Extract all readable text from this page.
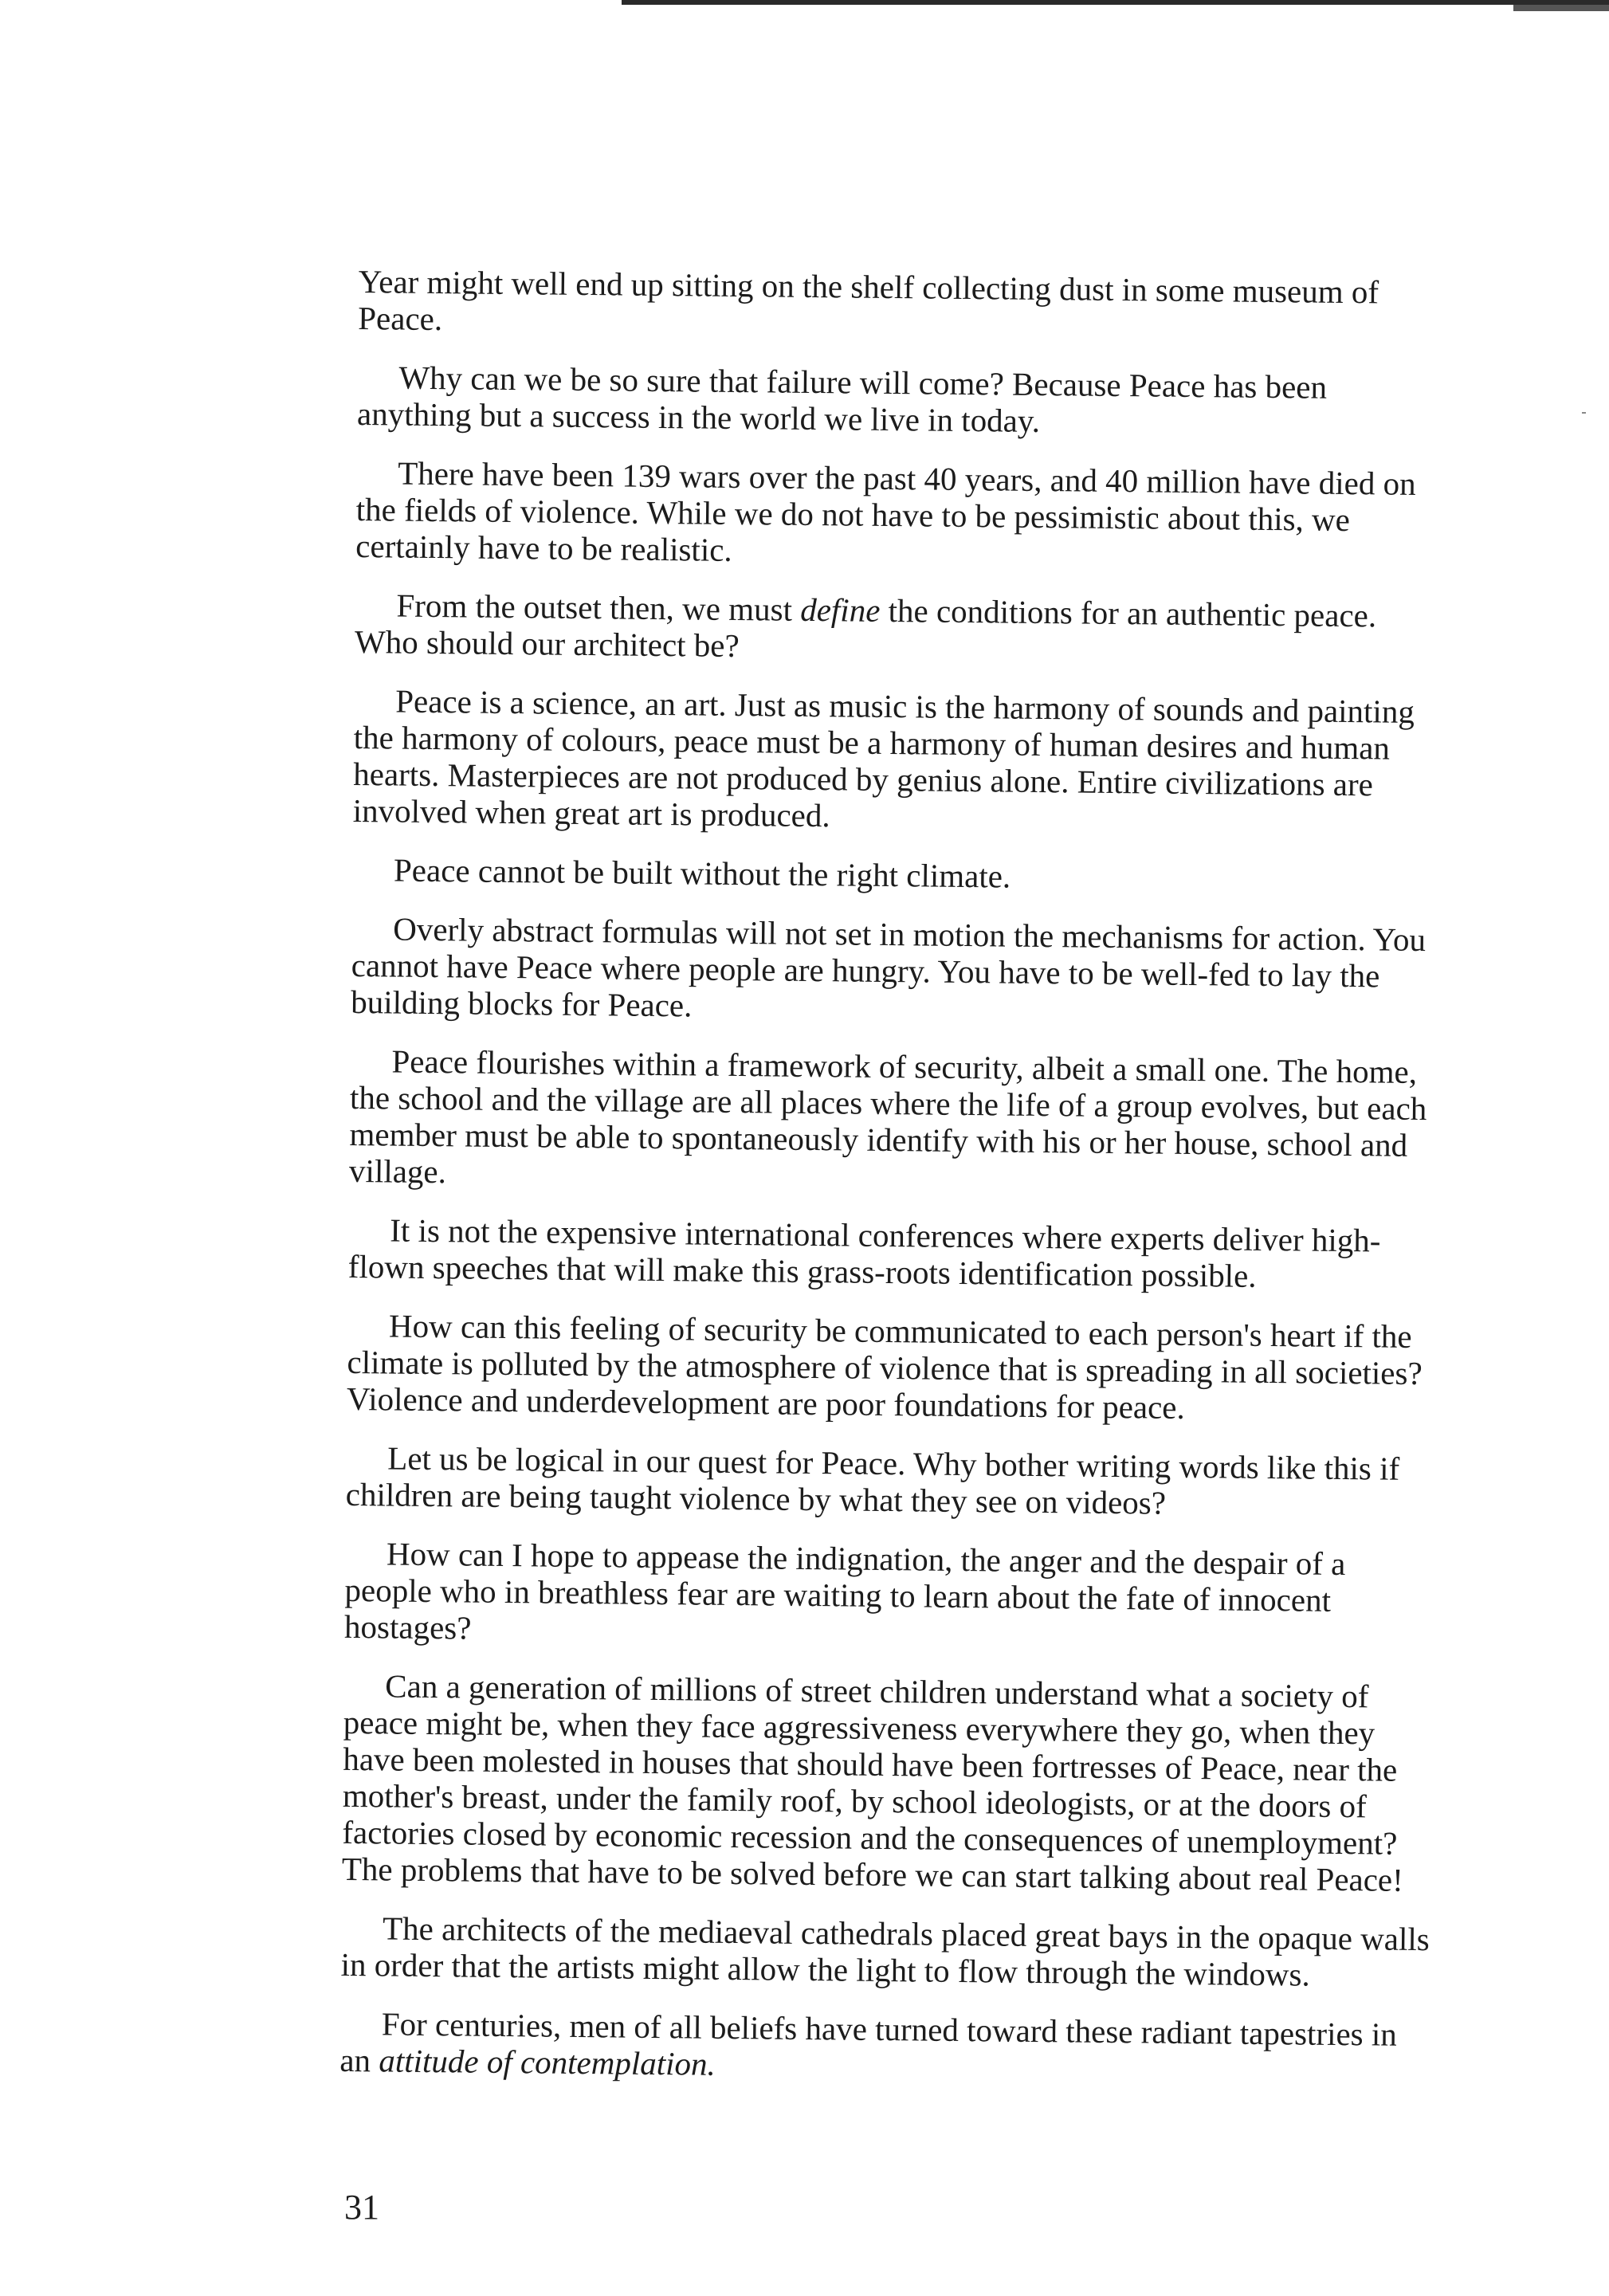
Year might well end up sitting on the shelf collecting dust in some museum of Peace.

Why can we be so sure that failure will come? Because Peace has been anything but a success in the world we live in today.

There have been 139 wars over the past 40 years, and 40 million have died on the fields of violence. While we do not have to be pessimistic about this, we certainly have to be realistic.

From the outset then, we must define the conditions for an authentic peace. Who should our architect be?

Peace is a science, an art. Just as music is the harmony of sounds and painting the harmony of colours, peace must be a harmony of human desires and human hearts. Masterpieces are not produced by genius alone. Entire civilizations are involved when great art is produced.

Peace cannot be built without the right climate.

Overly abstract formulas will not set in motion the mechanisms for action. You cannot have Peace where people are hungry. You have to be well-fed to lay the building blocks for Peace.

Peace flourishes within a framework of security, albeit a small one. The home, the school and the village are all places where the life of a group evolves, but each member must be able to spontaneously identify with his or her house, school and village.

It is not the expensive international conferences where experts deliver high-flown speeches that will make this grass-roots identification possible.

How can this feeling of security be communicated to each person's heart if the climate is polluted by the atmosphere of violence that is spreading in all societies? Violence and underdevelopment are poor foundations for peace.

Let us be logical in our quest for Peace. Why bother writing words like this if children are being taught violence by what they see on videos?

How can I hope to appease the indignation, the anger and the despair of a people who in breathless fear are waiting to learn about the fate of innocent hostages?

Can a generation of millions of street children understand what a society of peace might be, when they face aggressiveness everywhere they go, when they have been molested in houses that should have been fortresses of Peace, near the mother's breast, under the family roof, by school ideologists, or at the doors of factories closed by economic recession and the consequences of unemployment? The problems that have to be solved before we can start talking about real Peace!

The architects of the mediaeval cathedrals placed great bays in the opaque walls in order that the artists might allow the light to flow through the windows.

For centuries, men of all beliefs have turned toward these radiant tapestries in an attitude of contemplation.

31
